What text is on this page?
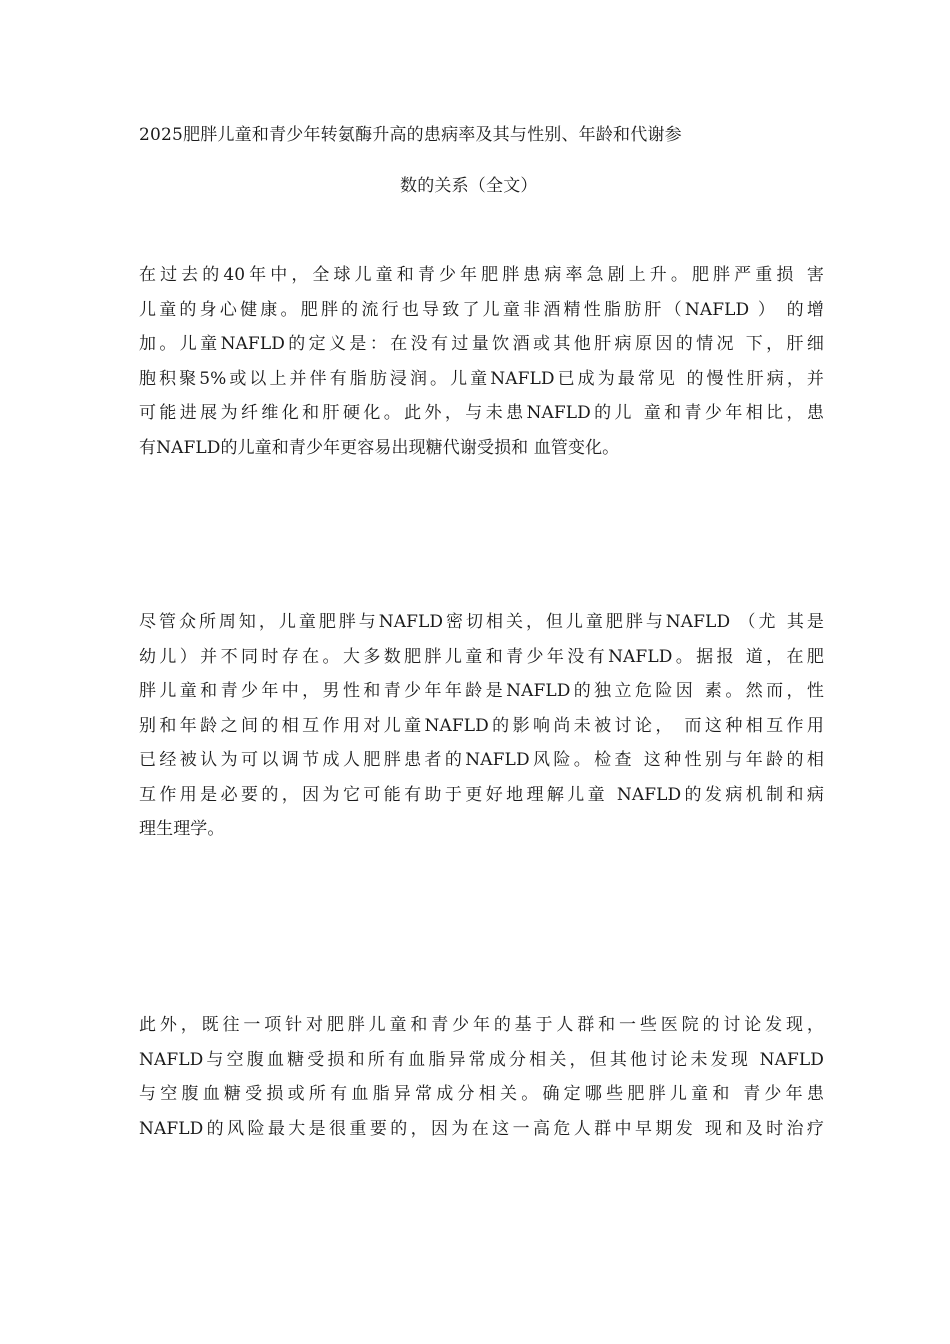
2025肥胖儿童和青少年转氨酶升高的患病率及其与性别、年龄和代谢参
数的关系（全文）
在过去的40年中，全球儿童和青少年肥胖患病率急剧上升。肥胖严重损 害
儿童的身心健康。肥胖的流行也导致了儿童非酒精性脂肪肝（NAFLD ） 的增
加。儿童NAFLD的定义是：在没有过量饮酒或其他肝病原因的情况 下，肝细
胞积聚5%或以上并伴有脂肪浸润。儿童NAFLD已成为最常见 的慢性肝病，并
可能进展为纤维化和肝硬化。此外，与未患NAFLD的儿 童和青少年相比，患
有NAFLD的儿童和青少年更容易出现糖代谢受损和 血管变化。
尽管众所周知，儿童肥胖与NAFLD密切相关，但儿童肥胖与NAFLD （尤 其是
幼儿）并不同时存在。大多数肥胖儿童和青少年没有NAFLD。据报 道，在肥
胖儿童和青少年中，男性和青少年年龄是NAFLD的独立危险因 素。然而，性
别和年龄之间的相互作用对儿童NAFLD的影响尚未被讨论， 而这种相互作用
已经被认为可以调节成人肥胖患者的NAFLD风险。检查 这种性别与年龄的相
互作用是必要的，因为它可能有助于更好地理解儿童 NAFLD的发病机制和病
理生理学。
此外，既往一项针对肥胖儿童和青少年的基于人群和一些医院的讨论发现，
NAFLD与空腹血糖受损和所有血脂异常成分相关，但其他讨论未发现 NAFLD
与空腹血糖受损或所有血脂异常成分相关。确定哪些肥胖儿童和 青少年患
NAFLD的风险最大是很重要的，因为在这一高危人群中早期发 现和及时治疗
